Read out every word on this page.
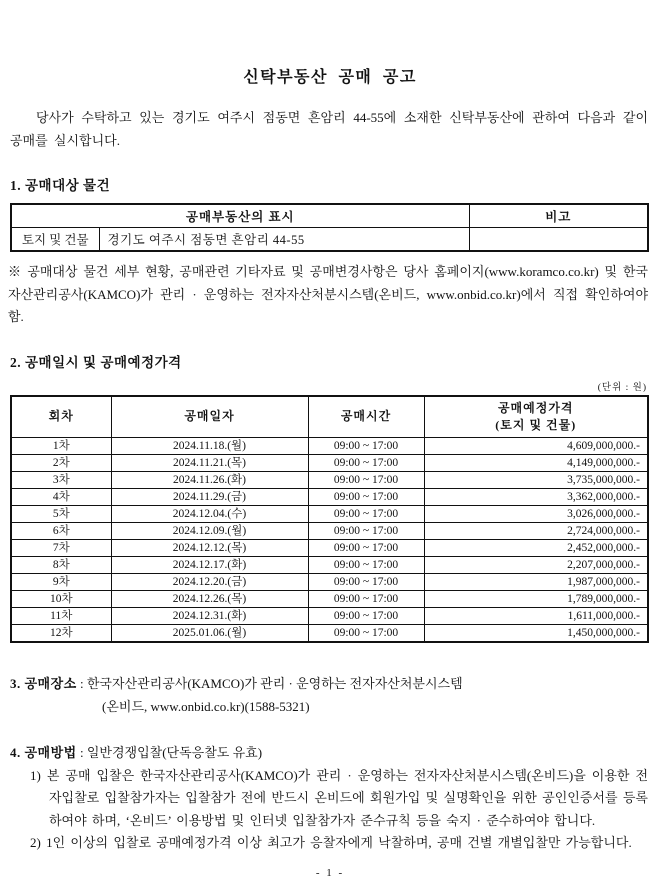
신탁부동산 공매 공고

당사가 수탁하고 있는 경기도 여주시 점동면 흔암리 44-55에 소재한 신탁부동산에 관하여 다음과 같이 공매를 실시합니다.

1. 공매대상 물건
공매부동산의 표시		비고
토지 및 건물	경기도 여주시 점동면 흔암리 44-55	

※ 공매대상 물건 세부 현황, 공매관련 기타자료 및 공매변경사항은 당사 홈페이지(www.koramco.co.kr) 및 한국자산관리공사(KAMCO)가 관리 · 운영하는 전자자산처분시스템(온비드, www.onbid.co.kr)에서 직접 확인하여야 함.

2. 공매일시 및 공매예정가격
(단위 : 원)
회차	공매일자	공매시간	공매예정가격
(토지 및 건물)

1차	2024.11.18.(월)	09:00 ~ 17:00	4,609,000,000.-
2차	2024.11.21.(목)	09:00 ~ 17:00	4,149,000,000.-
3차	2024.11.26.(화)	09:00 ~ 17:00	3,735,000,000.-
4차	2024.11.29.(금)	09:00 ~ 17:00	3,362,000,000.-
5차	2024.12.04.(수)	09:00 ~ 17:00	3,026,000,000.-
6차	2024.12.09.(월)	09:00 ~ 17:00	2,724,000,000.-
7차	2024.12.12.(목)	09:00 ~ 17:00	2,452,000,000.-
8차	2024.12.17.(화)	09:00 ~ 17:00	2,207,000,000.-
9차	2024.12.20.(금)	09:00 ~ 17:00	1,987,000,000.-
10차	2024.12.26.(목)	09:00 ~ 17:00	1,789,000,000.-
11차	2024.12.31.(화)	09:00 ~ 17:00	1,611,000,000.-
12차	2025.01.06.(월)	09:00 ~ 17:00	1,450,000,000.-
3. 공매장소 : 한국자산관리공사(KAMCO)가 관리 · 운영하는 전자자산처분시스템
(온비드, www.onbid.co.kr)(1588-5321)
4. 공매방법 : 일반경쟁입찰(단독응찰도 유효)
1) 본 공매 입찰은 한국자산관리공사(KAMCO)가 관리 · 운영하는 전자자산처분시스템(온비드)을 이용한 전자입찰로 입찰참가자는 입찰참가 전에 반드시 온비드에 회원가입 및 실명확인을 위한 공인인증서를 등록하여야 하며, ‘온비드’ 이용방법 및 인터넷 입찰참가자 준수규칙 등을 숙지 · 준수하여야 합니다.
2) 1인 이상의 입찰로 공매예정가격 이상 최고가 응찰자에게 낙찰하며, 공매 건별 개별입찰만 가능합니다.
- 1 -
